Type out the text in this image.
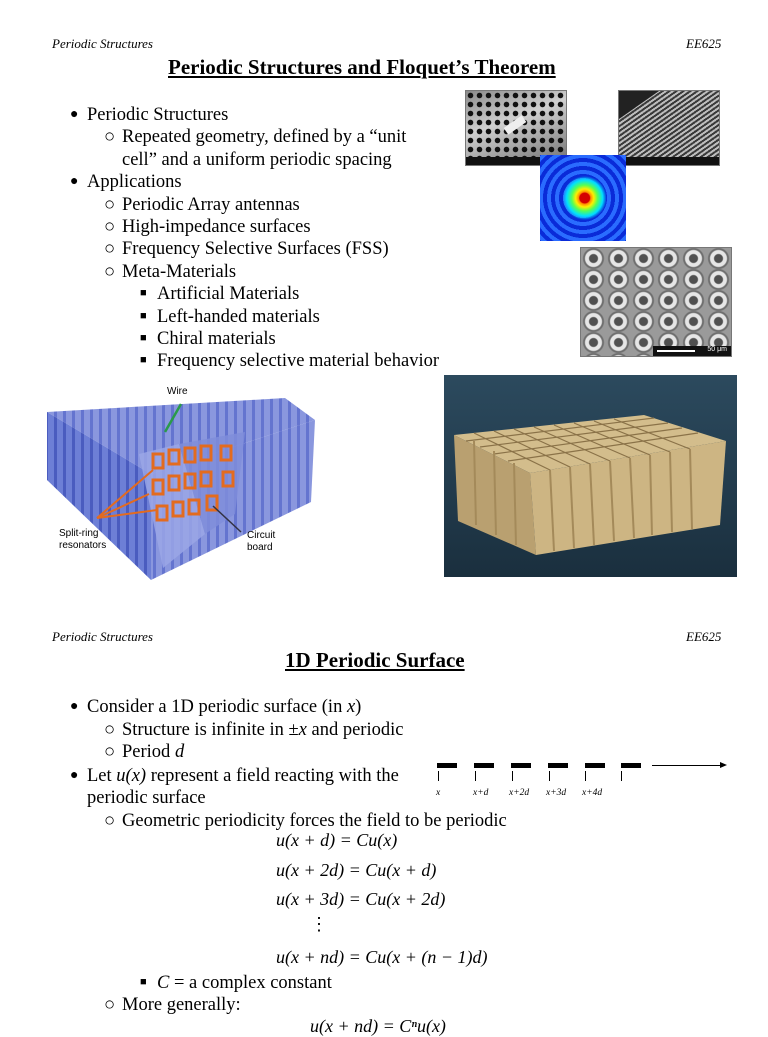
Periodic Structures	EE625
Periodic Structures and Floquet’s Theorem
● Periodic Structures
○ Repeated geometry, defined by a “unit
cell” and a uniform periodic spacing
● Applications
○ Periodic Array antennas
○ High-impedance surfaces
○ Frequency Selective Surfaces (FSS)
○ Meta-Materials
■ Artificial Materials
■ Left-handed materials
■ Chiral materials
■ Frequency selective material behavior
50 μm
Wire
Split-ring
resonators
Circuit
board
Periodic Structures	EE625
1D Periodic Surface
● Consider a 1D periodic surface (in x)
○ Structure is infinite in ±x and periodic
○ Period d
● Let u(x) represent a field reacting with the
periodic surface
○ Geometric periodicity forces the field to be periodic
u(x + d) = Cu(x)
u(x + 2d) = Cu(x + d)
u(x + 3d) = Cu(x + 2d)
⋮
u(x + nd) = Cu(x + (n − 1)d)
■ C = a complex constant
○ More generally:
u(x + nd) = Cⁿu(x)
x	x+d x+2d x+3d x+4d
